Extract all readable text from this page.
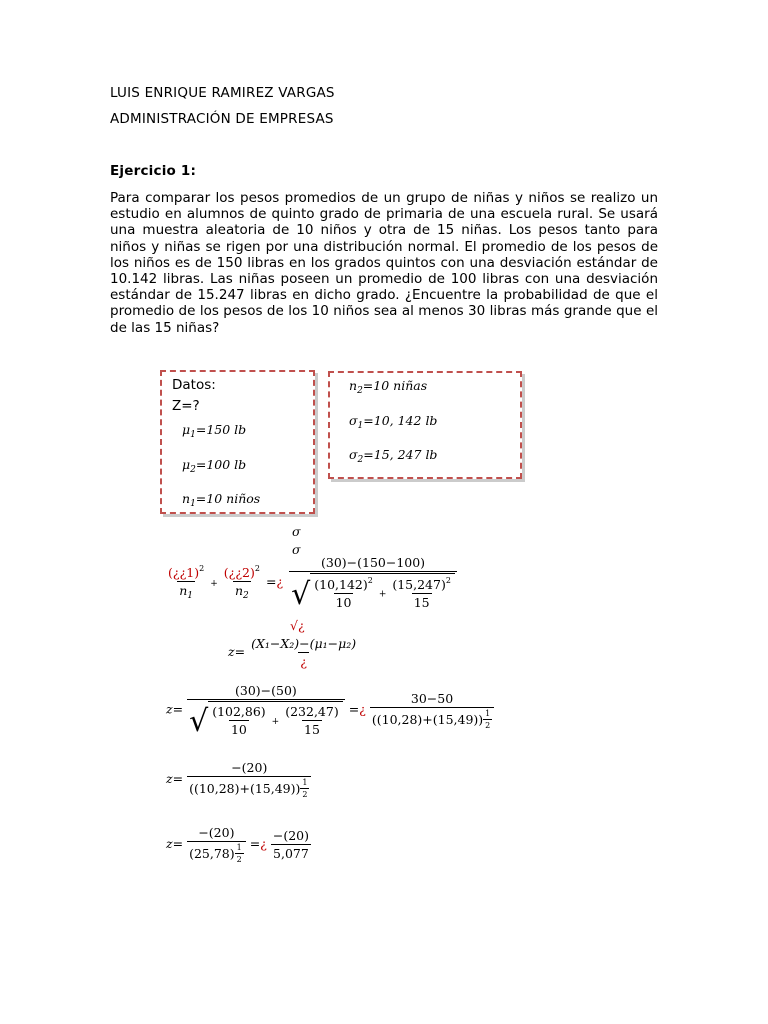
LUIS ENRIQUE RAMIREZ VARGAS
ADMINISTRACIÓN DE EMPRESAS
Ejercicio 1:
Para comparar los pesos promedios de un grupo de niñas y niños se realizo un estudio en alumnos de quinto grado de primaria de una escuela rural. Se usará una muestra aleatoria de 10 niños y otra de 15 niñas. Los pesos tanto para niños y niñas se rigen por una distribución normal. El promedio de los pesos de los niños es de 150 libras en los grados quintos con una desviación estándar de 10.142 libras. Las niñas poseen un promedio de 100 libras con una desviación estándar de 15.247 libras en dicho grado. ¿Encuentre la probabilidad de que el promedio de los pesos de los 10 niños sea al menos 30 libras más grande que el de las 15 niñas?
Datos:
Z=?
$\mu_1=150$ lb
$\mu_2=100$ lb
$n_1=10$ niños
$n_2=10$ niñas
$\sigma_1=10$, 142 lb
$\sigma_2=15$, 247 lb
σ
σ
$\frac{(¿¿1)^2}{n_1} + \frac{(¿¿2)^2}{n_2}$ =¿ $\frac{(30)-(150-100)}{√ \frac{(10,142)^2}{10} + \frac{(15,247)^2}{15}}$
√¿
$z= \frac{\text{(X₁−X₂)−(μ₁−μ₂)}}{¿}$
$z= \frac{(30)-(50)}{√ \frac{(102,86)}{10} + \frac{(232,47)}{15}}$ =¿ $\frac{30-50}{((10,28)+(15,49)) \frac{1}{2}}$
$z= \frac{-(20)}{((10,28)+(15,49)) \frac{1}{2}}$
$z= \frac{-(20)}{(25,78) \frac{1}{2}}$ =¿ $\frac{-(20)}{5,077}$
